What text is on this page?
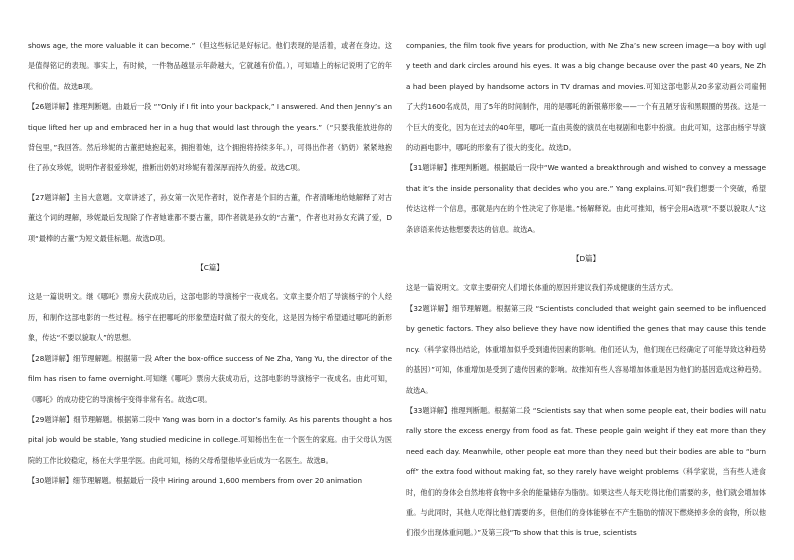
shows age, the more valuable it can become.”（但这些标记是好标记。他们表现的是活着，或者在身边。这是值得铭记的表现。事实上，有时候，一件物品越显示年龄越大，它就越有价值。），可知墙上的标记说明了它的年代和价值。故选B项。

【26题详解】推理判断题。由最后一段 “”Only if I fit into your backpack,” I answered. And then Jenny’s antique lifted her up and embraced her in a hug that would last through the years.”（“只要我能放进你的背包里，”我回答。然后珍妮的古董把她抱起来，拥抱着她，这个拥抱将持续多年。），可得出作者（奶奶）紧紧地抱住了孙女珍妮，说明作者很爱珍妮，推断出奶奶对珍妮有着深厚而持久的爱。故选C项。

【27题详解】主旨大意题。文章讲述了，孙女第一次见作者时，说作者是个旧的古董，作者清晰地给她解释了对古董这个词的理解，珍妮最后发现除了作者她谁都不要古董，即作者就是孙女的“古董”，作者也对孙女充满了爱，D项“最棒的古董”为短文最佳标题。故选D项。

【C篇】

这是一篇说明文。继《哪吒》票房大获成功后，这部电影的导演杨宇一夜成名。文章主要介绍了导演杨宇的个人经历，和制作这部电影的一些过程。杨宇在把哪吒的形象塑造时做了很大的变化，这是因为杨宇希望通过哪吒的新形象，传达“不要以貌取人”的思想。

【28题详解】细节理解题。根据第一段 After the box-office success of Ne Zha, Yang Yu, the director of the film has risen to fame overnight.可知继《哪吒》票房大获成功后，这部电影的导演杨宇一夜成名。由此可知，《哪吒》的成功使它的导演杨宇变得非常有名。故选C项。

【29题详解】细节理解题。根据第二段中 Yang was born in a doctor’s family. As his parents thought a hospital job would be stable, Yang studied medicine in college.可知杨出生在一个医生的家庭。由于父母认为医院的工作比较稳定，杨在大学里学医。由此可知，杨的父母希望他毕业后成为一名医生。故选B。

【30题详解】细节理解题。根据最后一段中 Hiring around 1,600 members from over 20 animation

companies, the film took five years for production, with Ne Zha’s new screen image—a boy with ugly teeth and dark circles around his eyes. It was a big change because over the past 40 years, Ne Zha had been played by handsome actors in TV dramas and movies.可知这部电影从20多家动画公司雇佣了大约1600名成员，用了5年的时间制作，用的是哪吒的新银幕形象——一个有丑陋牙齿和黑眼圈的男孩。这是一个巨大的变化，因为在过去的40年里，哪吒一直由英俊的演员在电视剧和电影中扮演。由此可知，这部由杨宇导演的动画电影中，哪吒的形象有了很大的变化。故选D。

【31题详解】推理判断题。根据最后一段中“We wanted a breakthrough and wished to convey a message that it’s the inside personality that decides who you are.” Yang explains.可知“我们想要一个突破，希望传达这样一个信息，那就是内在的个性决定了你是谁。”杨解释说。由此可推知，杨宇会用A选项“不要以貌取人”这条谚语来传达他想要表达的信息。故选A。

【D篇】

这是一篇说明文。文章主要研究人们增长体重的原因并建议我们养成健康的生活方式。

【32题详解】细节理解题。根据第三段 “Scientists concluded that weight gain seemed to be influenced by genetic factors. They also believe they have now identified the genes that may cause this tendency.（科学家得出结论，体重增加似乎受到遗传因素的影响。他们还认为，他们现在已经确定了可能导致这种趋势的基因）”可知，体重增加是受到了遗传因素的影响。故推知有些人容易增加体重是因为他们的基因造成这种趋势。故选A。

【33题详解】推理判断题。根据第二段 “Scientists say that when some people eat, their bodies will naturally store the excess energy from food as fat. These people gain weight if they eat more than they need each day. Meanwhile, other people eat more than they need but their bodies are able to “burn off” the extra food without making fat, so they rarely have weight problems（科学家说，当有些人进食时，他们的身体会自然地将食物中多余的能量储存为脂肪。如果这些人每天吃得比他们需要的多，他们就会增加体重。与此同时，其他人吃得比他们需要的多，但他们的身体能够在不产生脂肪的情况下燃烧掉多余的食物，所以他们很少出现体重问题。）”及第三段“To show that this is true, scientists
